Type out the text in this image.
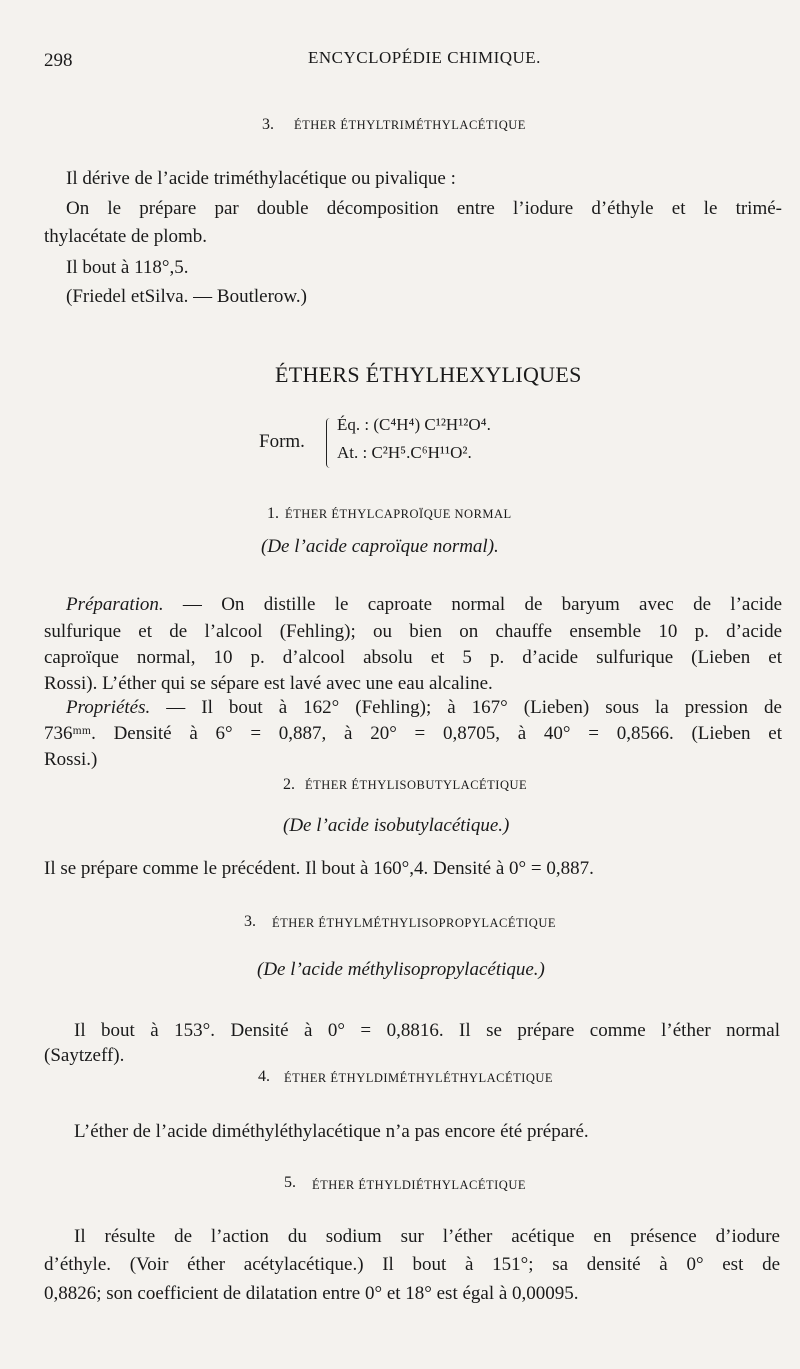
298	ENCYCLOPÉDIE CHIMIQUE.
3. ÉTHER ÉTHYLTRIMÉTHYLACÉTIQUE
Il dérive de l’acide triméthylacétique ou pivalique :
On le prépare par double décomposition entre l’iodure d’éthyle et le trimé-
thylacétate de plomb.
Il bout à 118°,5.
(Friedel etSilva. — Boutlerow.)
ÉTHERS ÉTHYLHEXYLIQUES
Form.
Éq. : (C⁴H⁴) C¹²H¹²O⁴.
At. : C²H⁵.C⁶H¹¹O².
1. ÉTHER ÉTHYLCAPROÏQUE NORMAL
(De l’acide caproïque normal).
Préparation. — On distille le caproate normal de baryum avec de l’acide
sulfurique et de l’alcool (Fehling); ou bien on chauffe ensemble 10 p. d’acide
caproïque normal, 10 p. d’alcool absolu et 5 p. d’acide sulfurique (Lieben et
Rossi). L’éther qui se sépare est lavé avec une eau alcaline.
Propriétés. — Il bout à 162° (Fehling); à 167° (Lieben) sous la pression de
736ᵐᵐ. Densité à 6° = 0,887, à 20° = 0,8705, à 40° = 0,8566. (Lieben et
Rossi.)
2. ÉTHER ÉTHYLISOBUTYLACÉTIQUE
(De l’acide isobutylacétique.)
Il se prépare comme le précédent. Il bout à 160°,4. Densité à 0° = 0,887.
3. ÉTHER ÉTHYLMÉTHYLISOPROPYLACÉTIQUE
(De l’acide méthylisopropylacétique.)
Il bout à 153°. Densité à 0° = 0,8816. Il se prépare comme l’éther normal
(Saytzeff).
4. ÉTHER ÉTHYLDIMÉTHYLÉTHYLACÉTIQUE
L’éther de l’acide diméthyléthylacétique n’a pas encore été préparé.
5. ÉTHER ÉTHYLDIÉTHYLACÉTIQUE
Il résulte de l’action du sodium sur l’éther acétique en présence d’iodure
d’éthyle. (Voir éther acétylacétique.) Il bout à 151°; sa densité à 0° est de
0,8826; son coefficient de dilatation entre 0° et 18° est égal à 0,00095.
